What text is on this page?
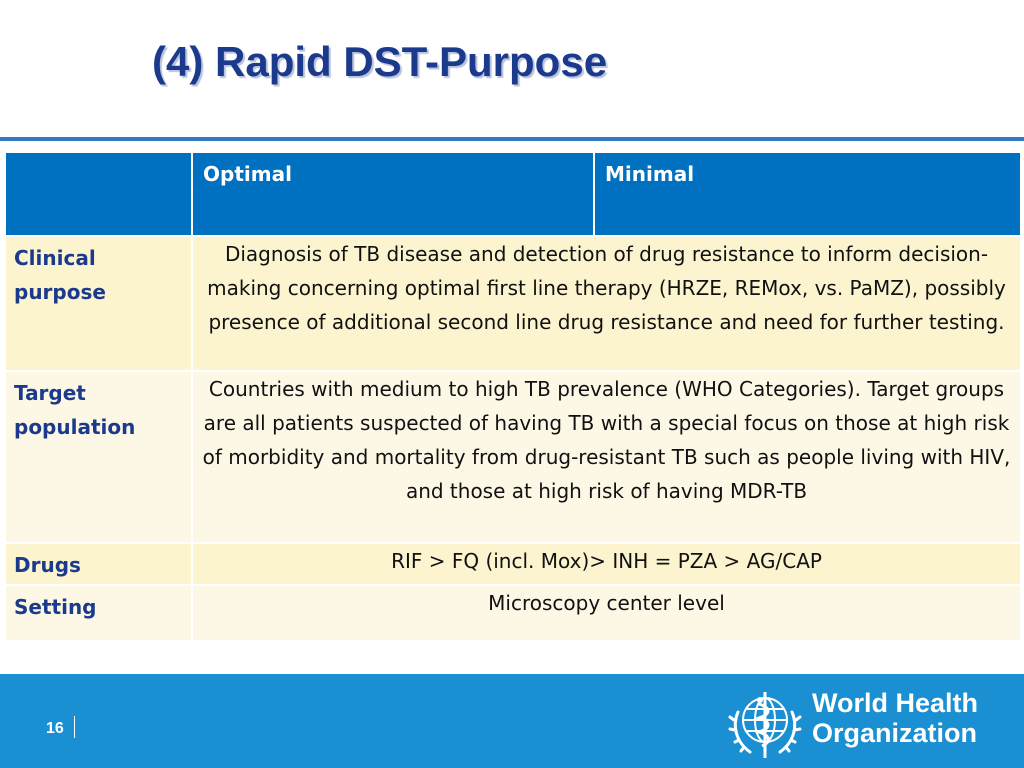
(4) Rapid DST-Purpose
	Optimal	Minimal
Clinical purpose	Diagnosis of TB disease and detection of drug resistance to inform decision-making concerning optimal first line therapy (HRZE, REMox, vs. PaMZ), possibly presence of additional second line drug resistance and need for further testing.	
Target population	Countries with medium to high TB prevalence (WHO Categories). Target groups are all patients suspected of having TB with a special focus on those at high risk of morbidity and mortality from drug-resistant TB such as people living with HIV, and those at high risk of having MDR-TB	
Drugs	RIF > FQ (incl. Mox)> INH = PZA > AG/CAP	
Setting	Microscopy center level	
16
World Health
Organization
